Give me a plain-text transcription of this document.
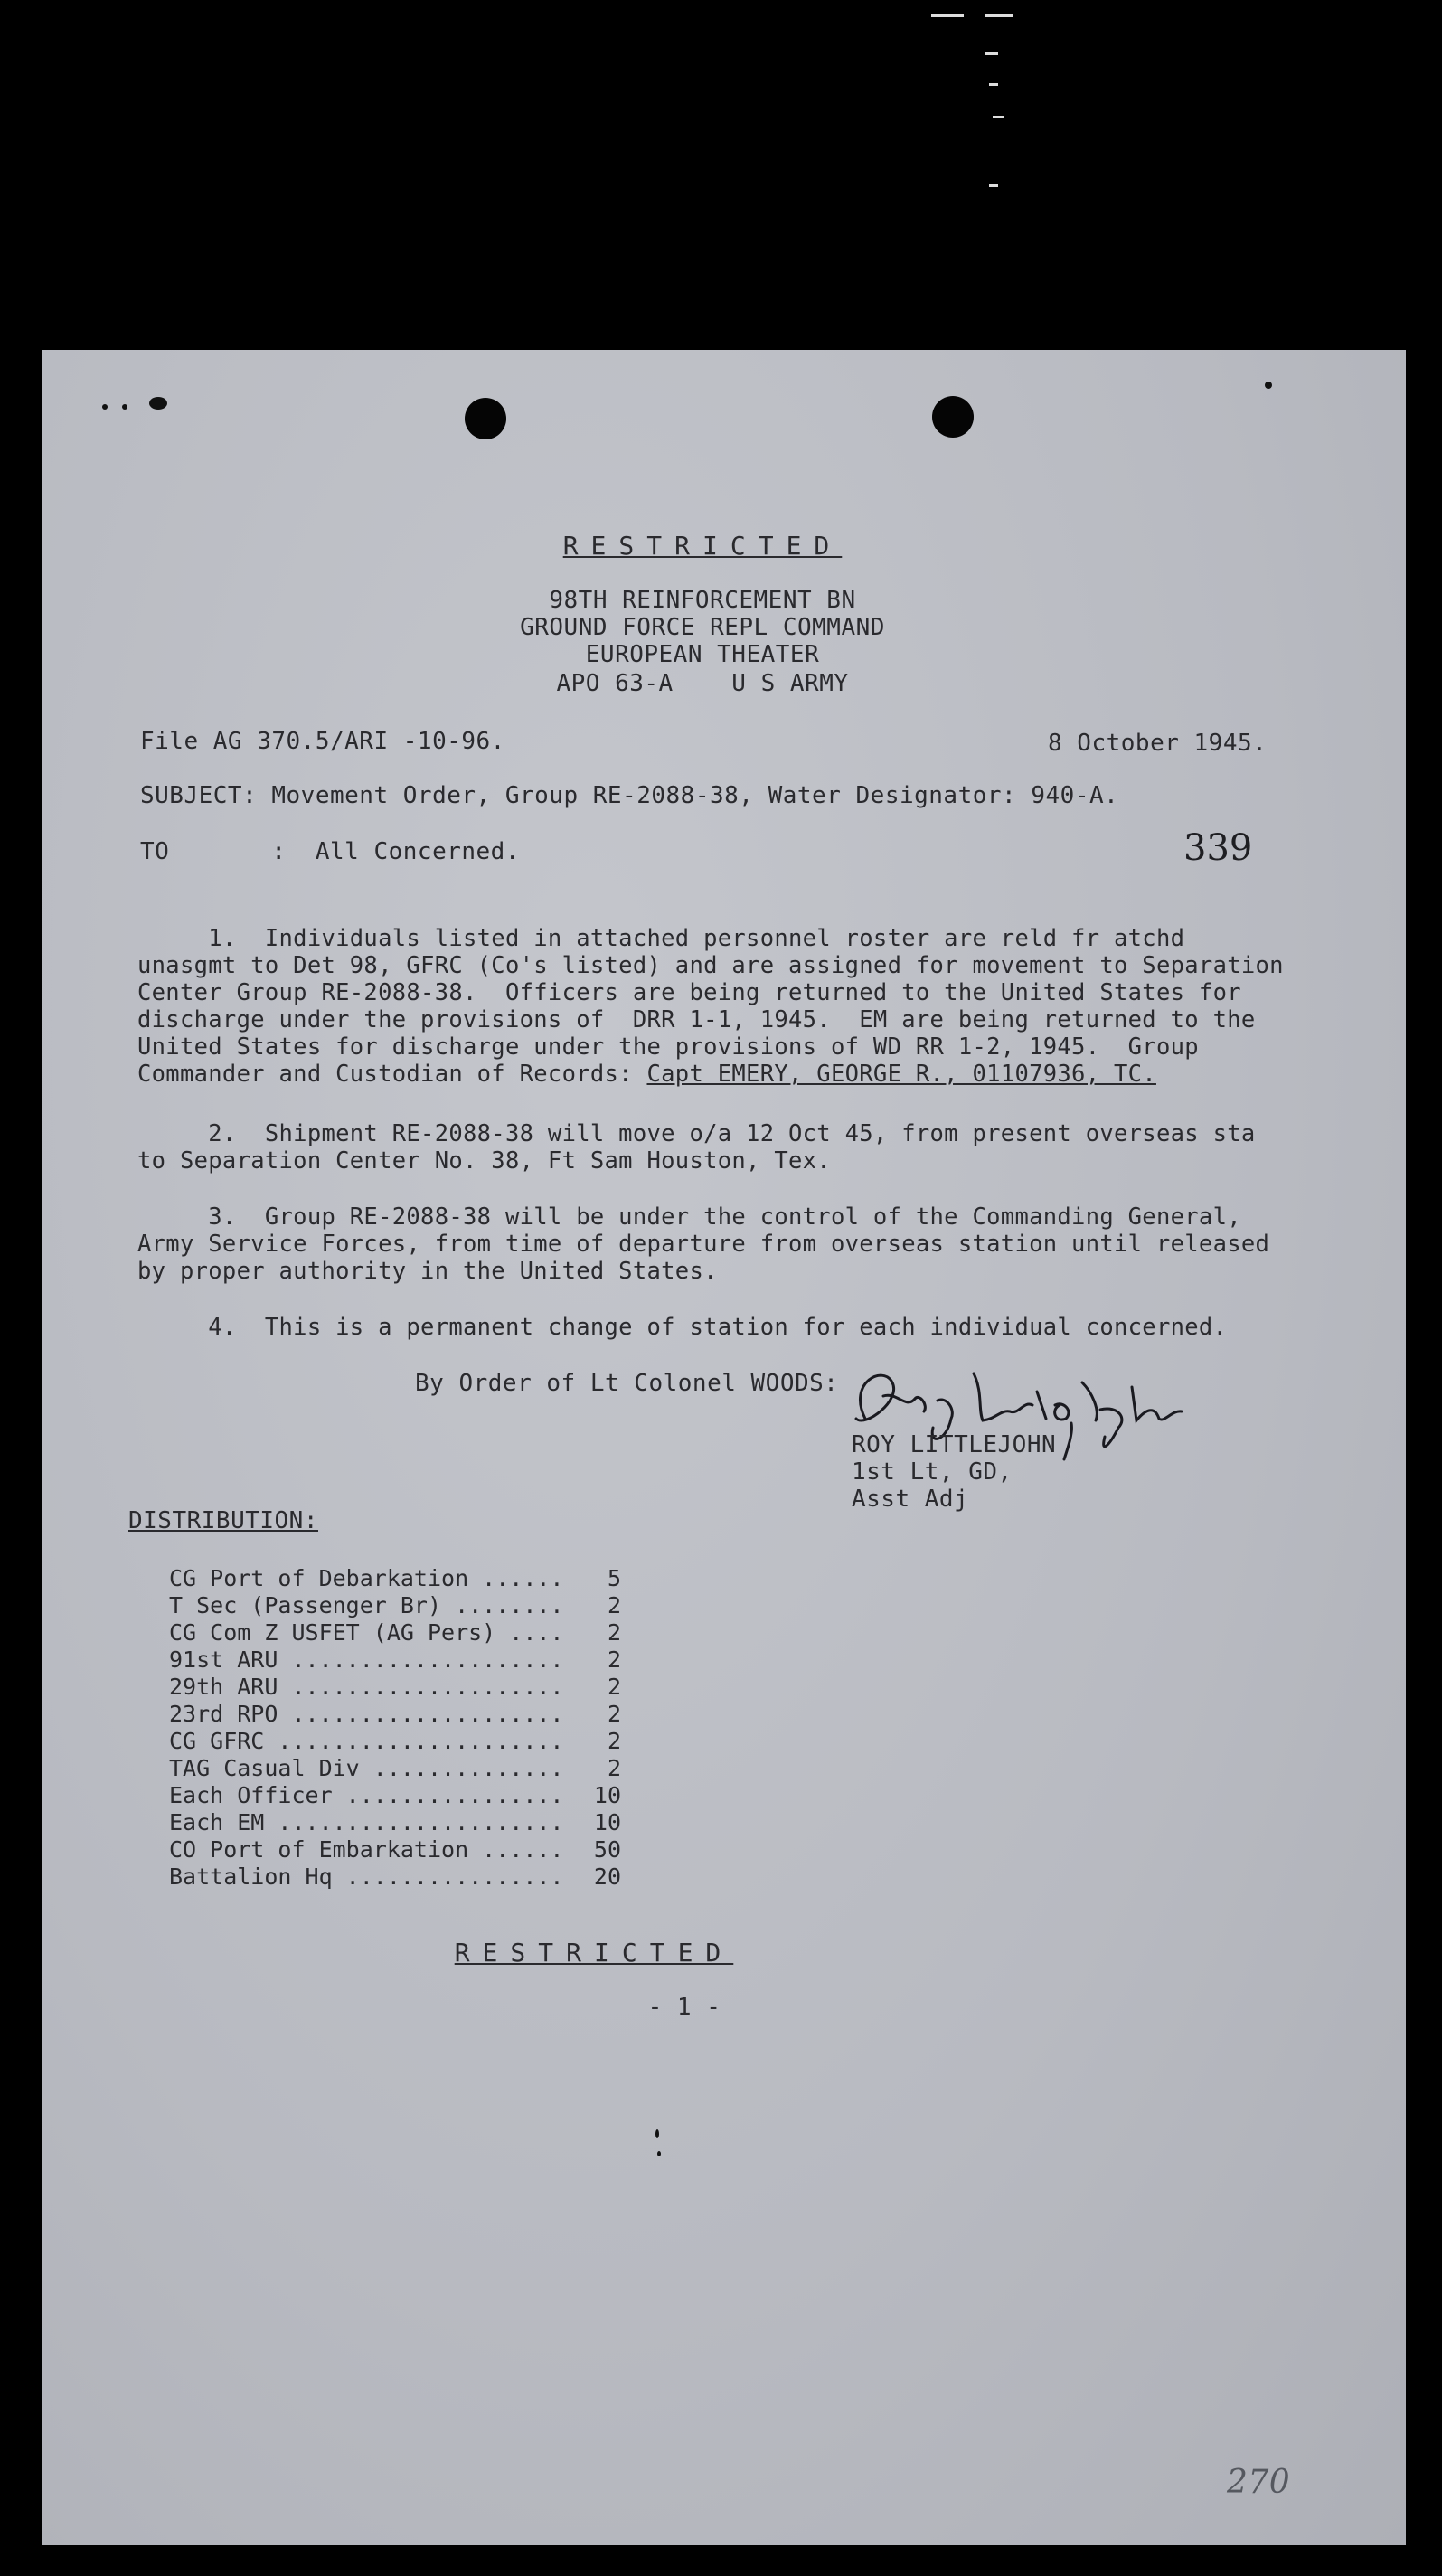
RESTRICTED
98TH REINFORCEMENT BN
GROUND FORCE REPL COMMAND
EUROPEAN THEATER
APO 63-A    U S ARMY
File AG 370.5/ARI -10-96.	8 October 1945.
SUBJECT: Movement Order, Group RE-2088-38, Water Designator: 940-A.
TO       :  All Concerned.	339
1.  Individuals listed in attached personnel roster are reld fr atchd
unasgmt to Det 98, GFRC (Co's listed) and are assigned for movement to Separation
Center Group RE-2088-38.  Officers are being returned to the United States for
discharge under the provisions of  DRR 1-1, 1945.  EM are being returned to the
United States for discharge under the provisions of WD RR 1-2, 1945.  Group
Commander and Custodian of Records: Capt EMERY, GEORGE R., 01107936, TC.
2.  Shipment RE-2088-38 will move o/a 12 Oct 45, from present overseas sta
to Separation Center No. 38, Ft Sam Houston, Tex.
3.  Group RE-2088-38 will be under the control of the Commanding General,
Army Service Forces, from time of departure from overseas station until released
by proper authority in the United States.
4.  This is a permanent change of station for each individual concerned.
By Order of Lt Colonel WOODS:
ROY LITTLEJOHN
1st Lt, GD,
Asst Adj
DISTRIBUTION:
CG Port of Debarkation ...... 5
T Sec (Passenger Br) ........ 2
CG Com Z USFET (AG Pers) .... 2
91st ARU .................... 2
29th ARU .................... 2
23rd RPO .................... 2
CG GFRC ..................... 2
TAG Casual Div .............. 2
Each Officer ................ 10
Each EM ..................... 10
CO Port of Embarkation ...... 50
Battalion Hq ................ 20
RESTRICTED
- 1 -
270
